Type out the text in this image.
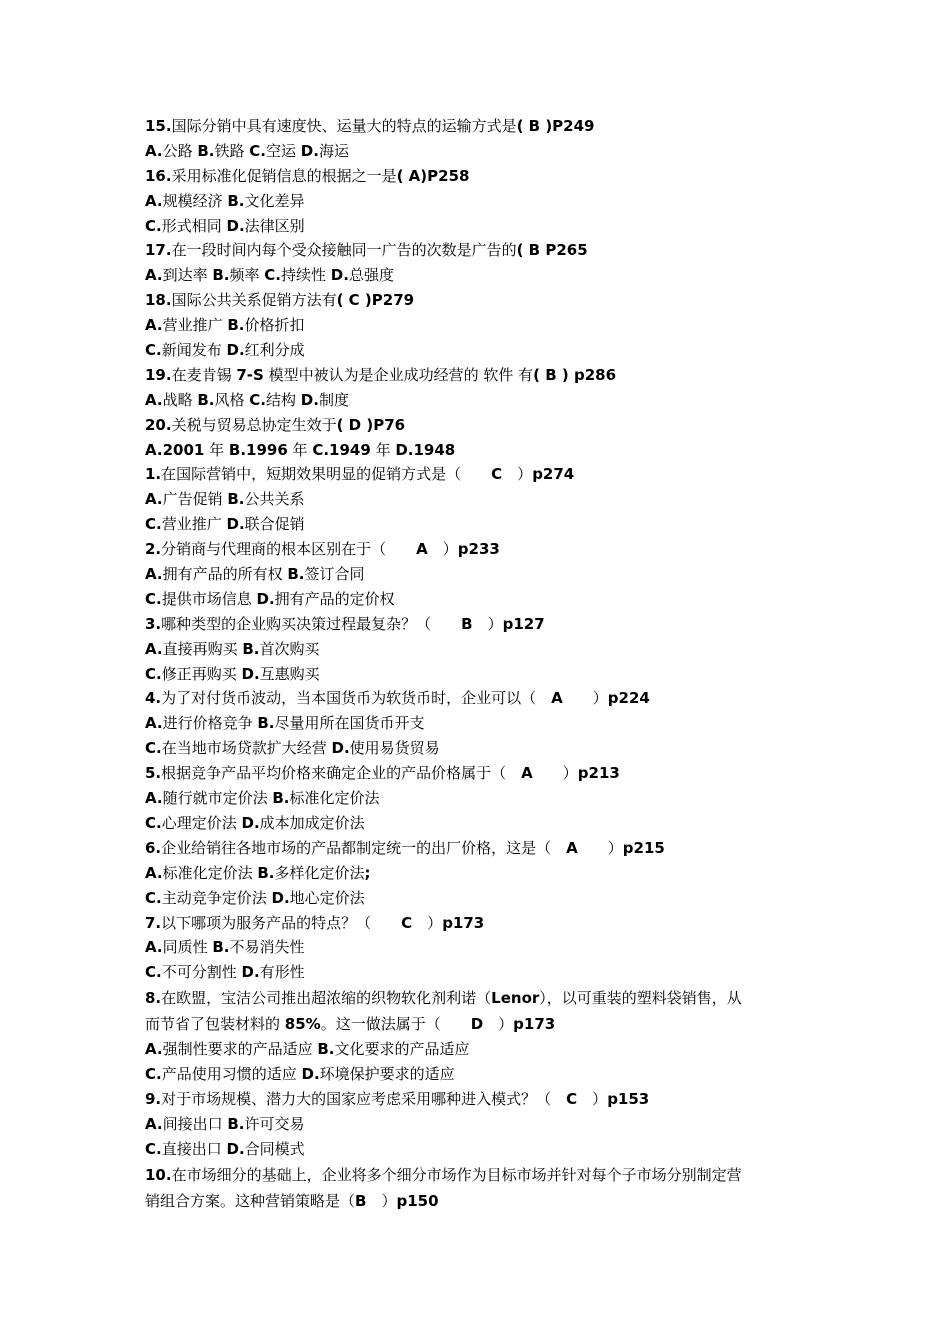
15.国际分销中具有速度快、运量大的特点的运输方式是( B )P249
A.公路 B.铁路 C.空运 D.海运
16.采用标准化促销信息的根据之一是( A)P258
A.规模经济 B.文化差异
C.形式相同 D.法律区别
17.在一段时间内每个受众接触同一广告的次数是广告的( B P265
A.到达率 B.频率 C.持续性 D.总强度
18.国际公共关系促销方法有( C )P279
A.营业推广 B.价格折扣
C.新闻发布 D.红利分成
19.在麦肯锡 7-S 模型中被认为是企业成功经营的 软件 有( B ) p286
A.战略 B.风格 C.结构 D.制度
20.关税与贸易总协定生效于( D )P76
A.2001 年 B.1996 年 C.1949 年 D.1948
1.在国际营销中，短期效果明显的促销方式是（　　C　）p274
A.广告促销 B.公共关系
C.营业推广 D.联合促销
2.分销商与代理商的根本区别在于（　　A　）p233
A.拥有产品的所有权 B.签订合同
C.提供市场信息 D.拥有产品的定价权
3.哪种类型的企业购买决策过程最复杂？（　　B　）p127
A.直接再购买 B.首次购买
C.修正再购买 D.互惠购买
4.为了对付货币波动，当本国货币为软货币时，企业可以（　A　　）p224
A.进行价格竞争 B.尽量用所在国货币开支
C.在当地市场贷款扩大经营 D.使用易货贸易
5.根据竞争产品平均价格来确定企业的产品价格属于（　A　　）p213
A.随行就市定价法 B.标准化定价法
C.心理定价法 D.成本加成定价法
6.企业给销往各地市场的产品都制定统一的出厂价格，这是（　A　　）p215
A.标准化定价法 B.多样化定价法;
C.主动竞争定价法 D.地心定价法
7.以下哪项为服务产品的特点？（　　C　）p173
A.同质性 B.不易消失性
C.不可分割性 D.有形性
8.在欧盟，宝洁公司推出超浓缩的织物软化剂利诺（Lenor），以可重装的塑料袋销售，从
而节省了包装材料的 85%。这一做法属于（　　D　）p173
A.强制性要求的产品适应 B.文化要求的产品适应
C.产品使用习惯的适应 D.环境保护要求的适应
9.对于市场规模、潜力大的国家应考虑采用哪种进入模式？（　C　）p153
A.间接出口 B.许可交易
C.直接出口 D.合同模式
10.在市场细分的基础上，企业将多个细分市场作为目标市场并针对每个子市场分别制定营
销组合方案。这种营销策略是（B　）p150
